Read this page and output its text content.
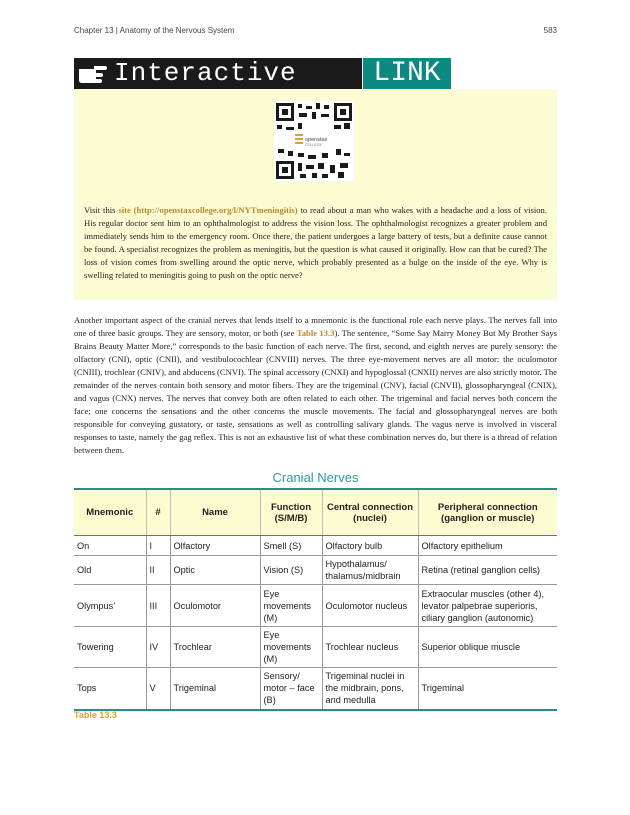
Chapter 13 | Anatomy of the Nervous System	583
Interactive	LINK
openstax
COLLEGE

Visit this site (http://openstaxcollege.org/l/NYTmeningitis) to read about a man who wakes with a headache and a loss of vision. His regular doctor sent him to an ophthalmologist to address the vision loss. The ophthalmologist recognizes a greater problem and immediately sends him to the emergency room. Once there, the patient undergoes a large battery of tests, but a definite cause cannot be found. A specialist recognizes the problem as meningitis, but the question is what caused it originally. How can that be cured? The loss of vision comes from swelling around the optic nerve, which probably presented as a bulge on the inside of the eye. Why is swelling related to meningitis going to push on the optic nerve?

Another important aspect of the cranial nerves that lends itself to a mnemonic is the functional role each nerve plays. The nerves fall into one of three basic groups. They are sensory, motor, or both (see Table 13.3). The sentence, “Some Say Marry Money But My Brother Says Brains Beauty Matter More,” corresponds to the basic function of each nerve. The first, second, and eighth nerves are purely sensory: the olfactory (CNI), optic (CNII), and vestibulocochlear (CNVIII) nerves. The three eye-movement nerves are all motor: the oculomotor (CNIII), trochlear (CNIV), and abducens (CNVI). The spinal accessory (CNXI) and hypoglossal (CNXII) nerves are also strictly motor. The remainder of the nerves contain both sensory and motor fibers. They are the trigeminal (CNV), facial (CNVII), glossopharyngeal (CNIX), and vagus (CNX) nerves. The nerves that convey both are often related to each other. The trigeminal and facial nerves both concern the face; one concerns the sensations and the other concerns the muscle movements. The facial and glossopharyngeal nerves are both responsible for conveying gustatory, or taste, sensations as well as controlling salivary glands. The vagus nerve is involved in visceral responses to taste, namely the gag reflex. This is not an exhaustive list of what these combination nerves do, but there is a thread of relation between them.

Cranial Nerves
Mnemonic	#	Name	Function (S/M/B)	Central connection (nuclei)	Peripheral connection (ganglion or muscle)
On	I	Olfactory	Smell (S)	Olfactory bulb	Olfactory epithelium
Old	II	Optic	Vision (S)	Hypothalamus/ thalamus/midbrain	Retina (retinal ganglion cells)
Olympus’	III	Oculomotor	Eye movements (M)	Oculomotor nucleus	Extraocular muscles (other 4), levator palpebrae superioris, ciliary ganglion (autonomic)
Towering	IV	Trochlear	Eye movements (M)	Trochlear nucleus	Superior oblique muscle
Tops	V	Trigeminal	Sensory/ motor – face (B)	Trigeminal nuclei in the midbrain, pons, and medulla	Trigeminal
Table 13.3
